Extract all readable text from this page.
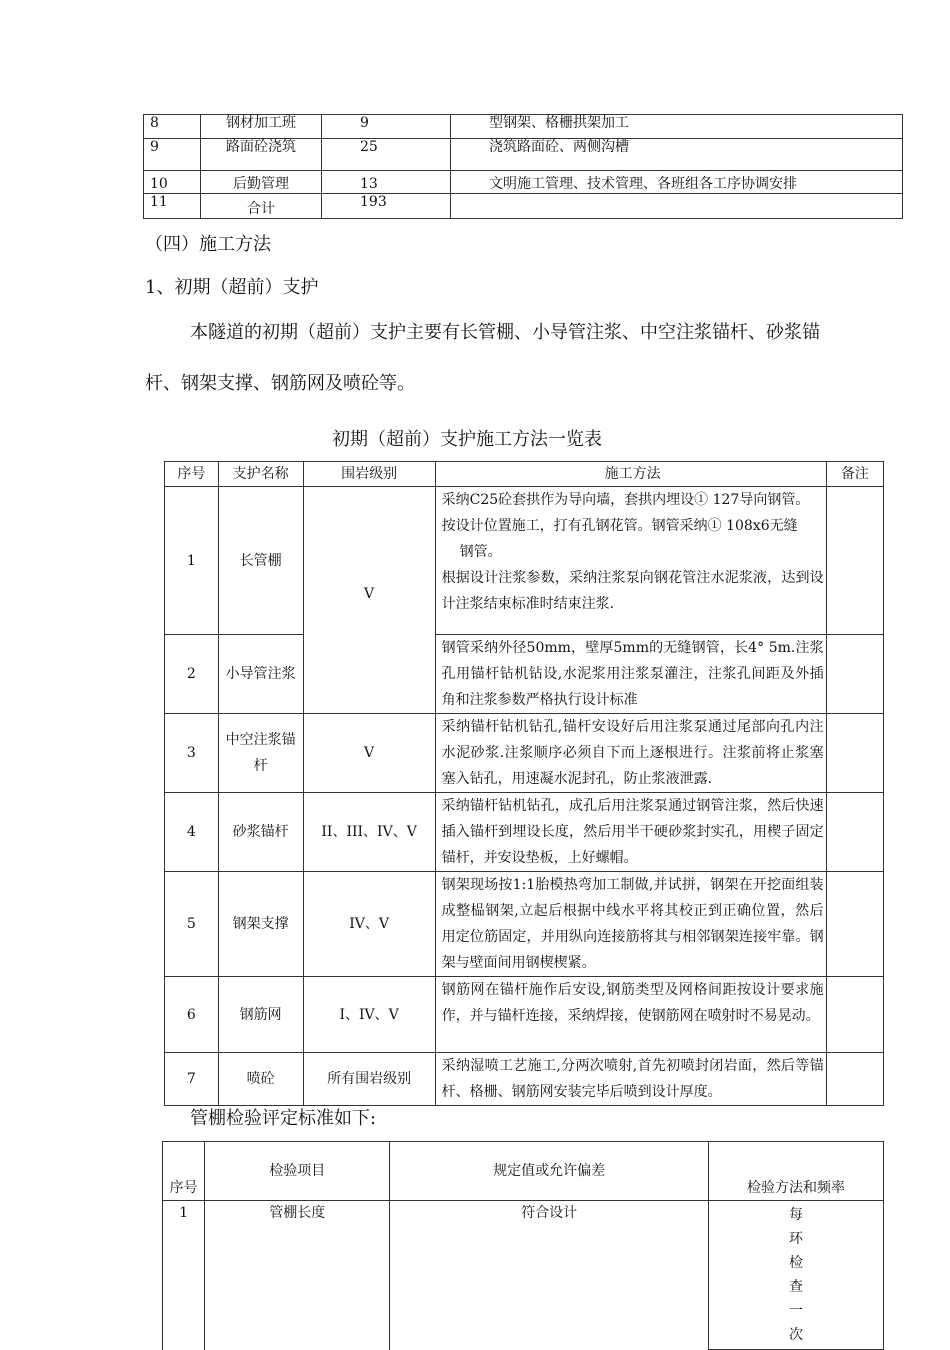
8	钢材加工班	9	型钢架、格栅拱架加工
9	路面砼浇筑	25	浇筑路面砼、两侧沟槽
10	后勤管理	13	文明施工管理、技术管理、各班组各工序协调安排
11	合计	193	
（四）施工方法
1、初期（超前）支护
本隧道的初期（超前）支护主要有长管棚、小导管注浆、中空注浆锚杆、砂浆锚
杆、钢架支撑、钢筋网及喷砼等。
初期（超前）支护施工方法一览表
序号	支护名称	围岩级别	施工方法	备注
1	长管棚	V	采纳C25砼套拱作为导向墙，套拱内埋设① 127导向钢管。
按设计位置施工，打有孔钢花管。钢管采纳① 108x6无缝
钢管。
根据设计注浆参数，采纳注浆泵向钢花管注水泥浆液，达到设计注浆结束标准时结束注浆.	

2	小导管注浆		钢管采纳外径50mm，壁厚5mm的无缝钢管，长4° 5m.注浆孔用锚杆钻机钻设,水泥浆用注浆泵灌注，注浆孔间距及外插角和注浆参数严格执行设计标准	
3	中空注浆锚杆	V	采纳锚杆钻机钻孔,锚杆安设好后用注浆泵通过尾部向孔内注水泥砂浆.注浆顺序必须自下而上逐根进行。注浆前将止浆塞塞入钻孔，用速凝水泥封孔，防止浆液泄露.	
4	砂浆锚杆	II、III、IV、V	采纳锚杆钻机钻孔，成孔后用注浆泵通过钢管注浆，然后快速插入锚杆到埋设长度，然后用半干硬砂浆封实孔，用楔子固定锚杆，并安设垫板，上好螺帽。	
5	钢架支撑	IV、V	钢架现场按1:1胎模热弯加工制做,并试拼，钢架在开挖面组装成整榀钢架,立起后根据中线水平将其校正到正确位置，然后用定位筋固定，并用纵向连接筋将其与相邻钢架连接牢靠。钢架与壁面间用钢楔楔紧。	
6	钢筋网	I、IV、V	钢筋网在锚杆施作后安设,钢筋类型及网格间距按设计要求施作，并与锚杆连接，采纳焊接，使钢筋网在喷射时不易晃动。	
7	喷砼	所有围岩级别	采纳湿喷工艺施工,分两次喷射,首先初喷封闭岩面，然后等锚杆、格栅、钢筋网安装完毕后喷到设计厚度。	
管棚检验评定标准如下:
序号	检验项目	规定值或允许偏差	检验方法和频率
1	管棚长度	符合设计	每环检查一次
